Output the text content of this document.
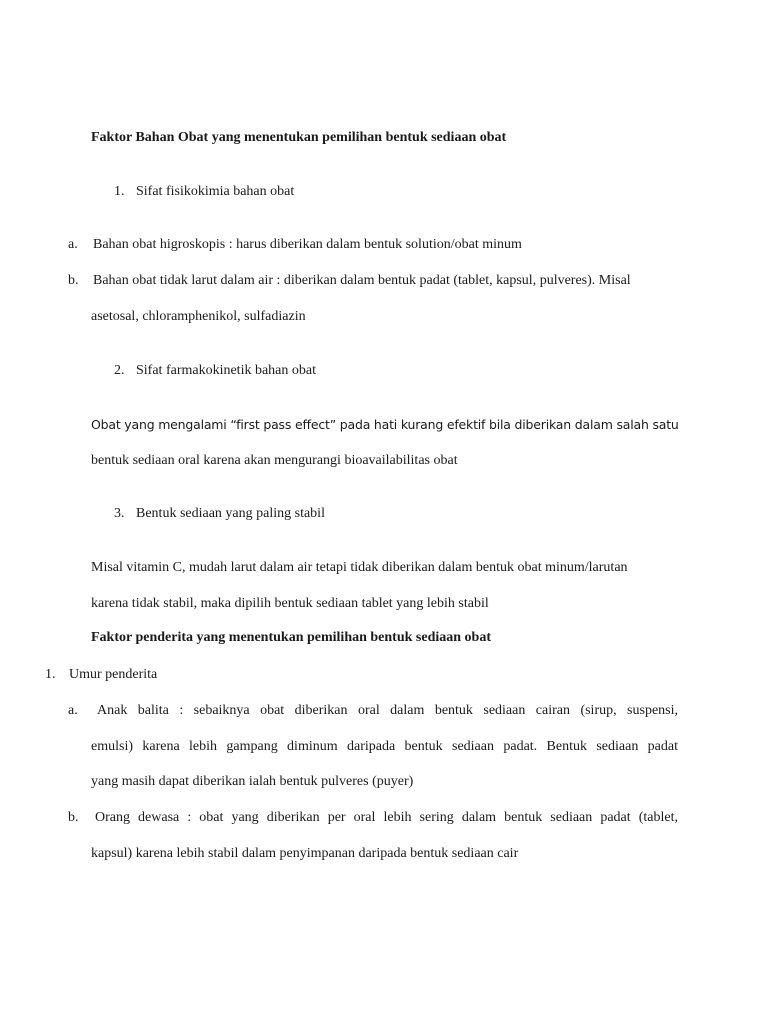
Faktor Bahan Obat yang menentukan pemilihan bentuk sediaan obat
1. Sifat fisikokimia bahan obat
a. Bahan obat higroskopis : harus diberikan dalam bentuk solution/obat minum
b. Bahan obat tidak larut dalam air : diberikan dalam bentuk padat (tablet, kapsul, pulveres). Misal
asetosal, chloramphenikol, sulfadiazin
2. Sifat farmakokinetik bahan obat
Obat yang mengalami “first pass effect” pada hati kurang efektif bila diberikan dalam salah satu
bentuk sediaan oral karena akan mengurangi bioavailabilitas obat
3. Bentuk sediaan yang paling stabil
Misal vitamin C, mudah larut dalam air tetapi tidak diberikan dalam bentuk obat minum/larutan
karena tidak stabil, maka dipilih bentuk sediaan tablet yang lebih stabil
Faktor penderita yang menentukan pemilihan bentuk sediaan obat
1. Umur penderita
a. Anak balita : sebaiknya obat diberikan oral dalam bentuk sediaan cairan (sirup, suspensi,
emulsi) karena lebih gampang diminum daripada bentuk sediaan padat. Bentuk sediaan padat
yang masih dapat diberikan ialah bentuk pulveres (puyer)
b. Orang dewasa : obat yang diberikan per oral lebih sering dalam bentuk sediaan padat (tablet,
kapsul) karena lebih stabil dalam penyimpanan daripada bentuk sediaan cair
